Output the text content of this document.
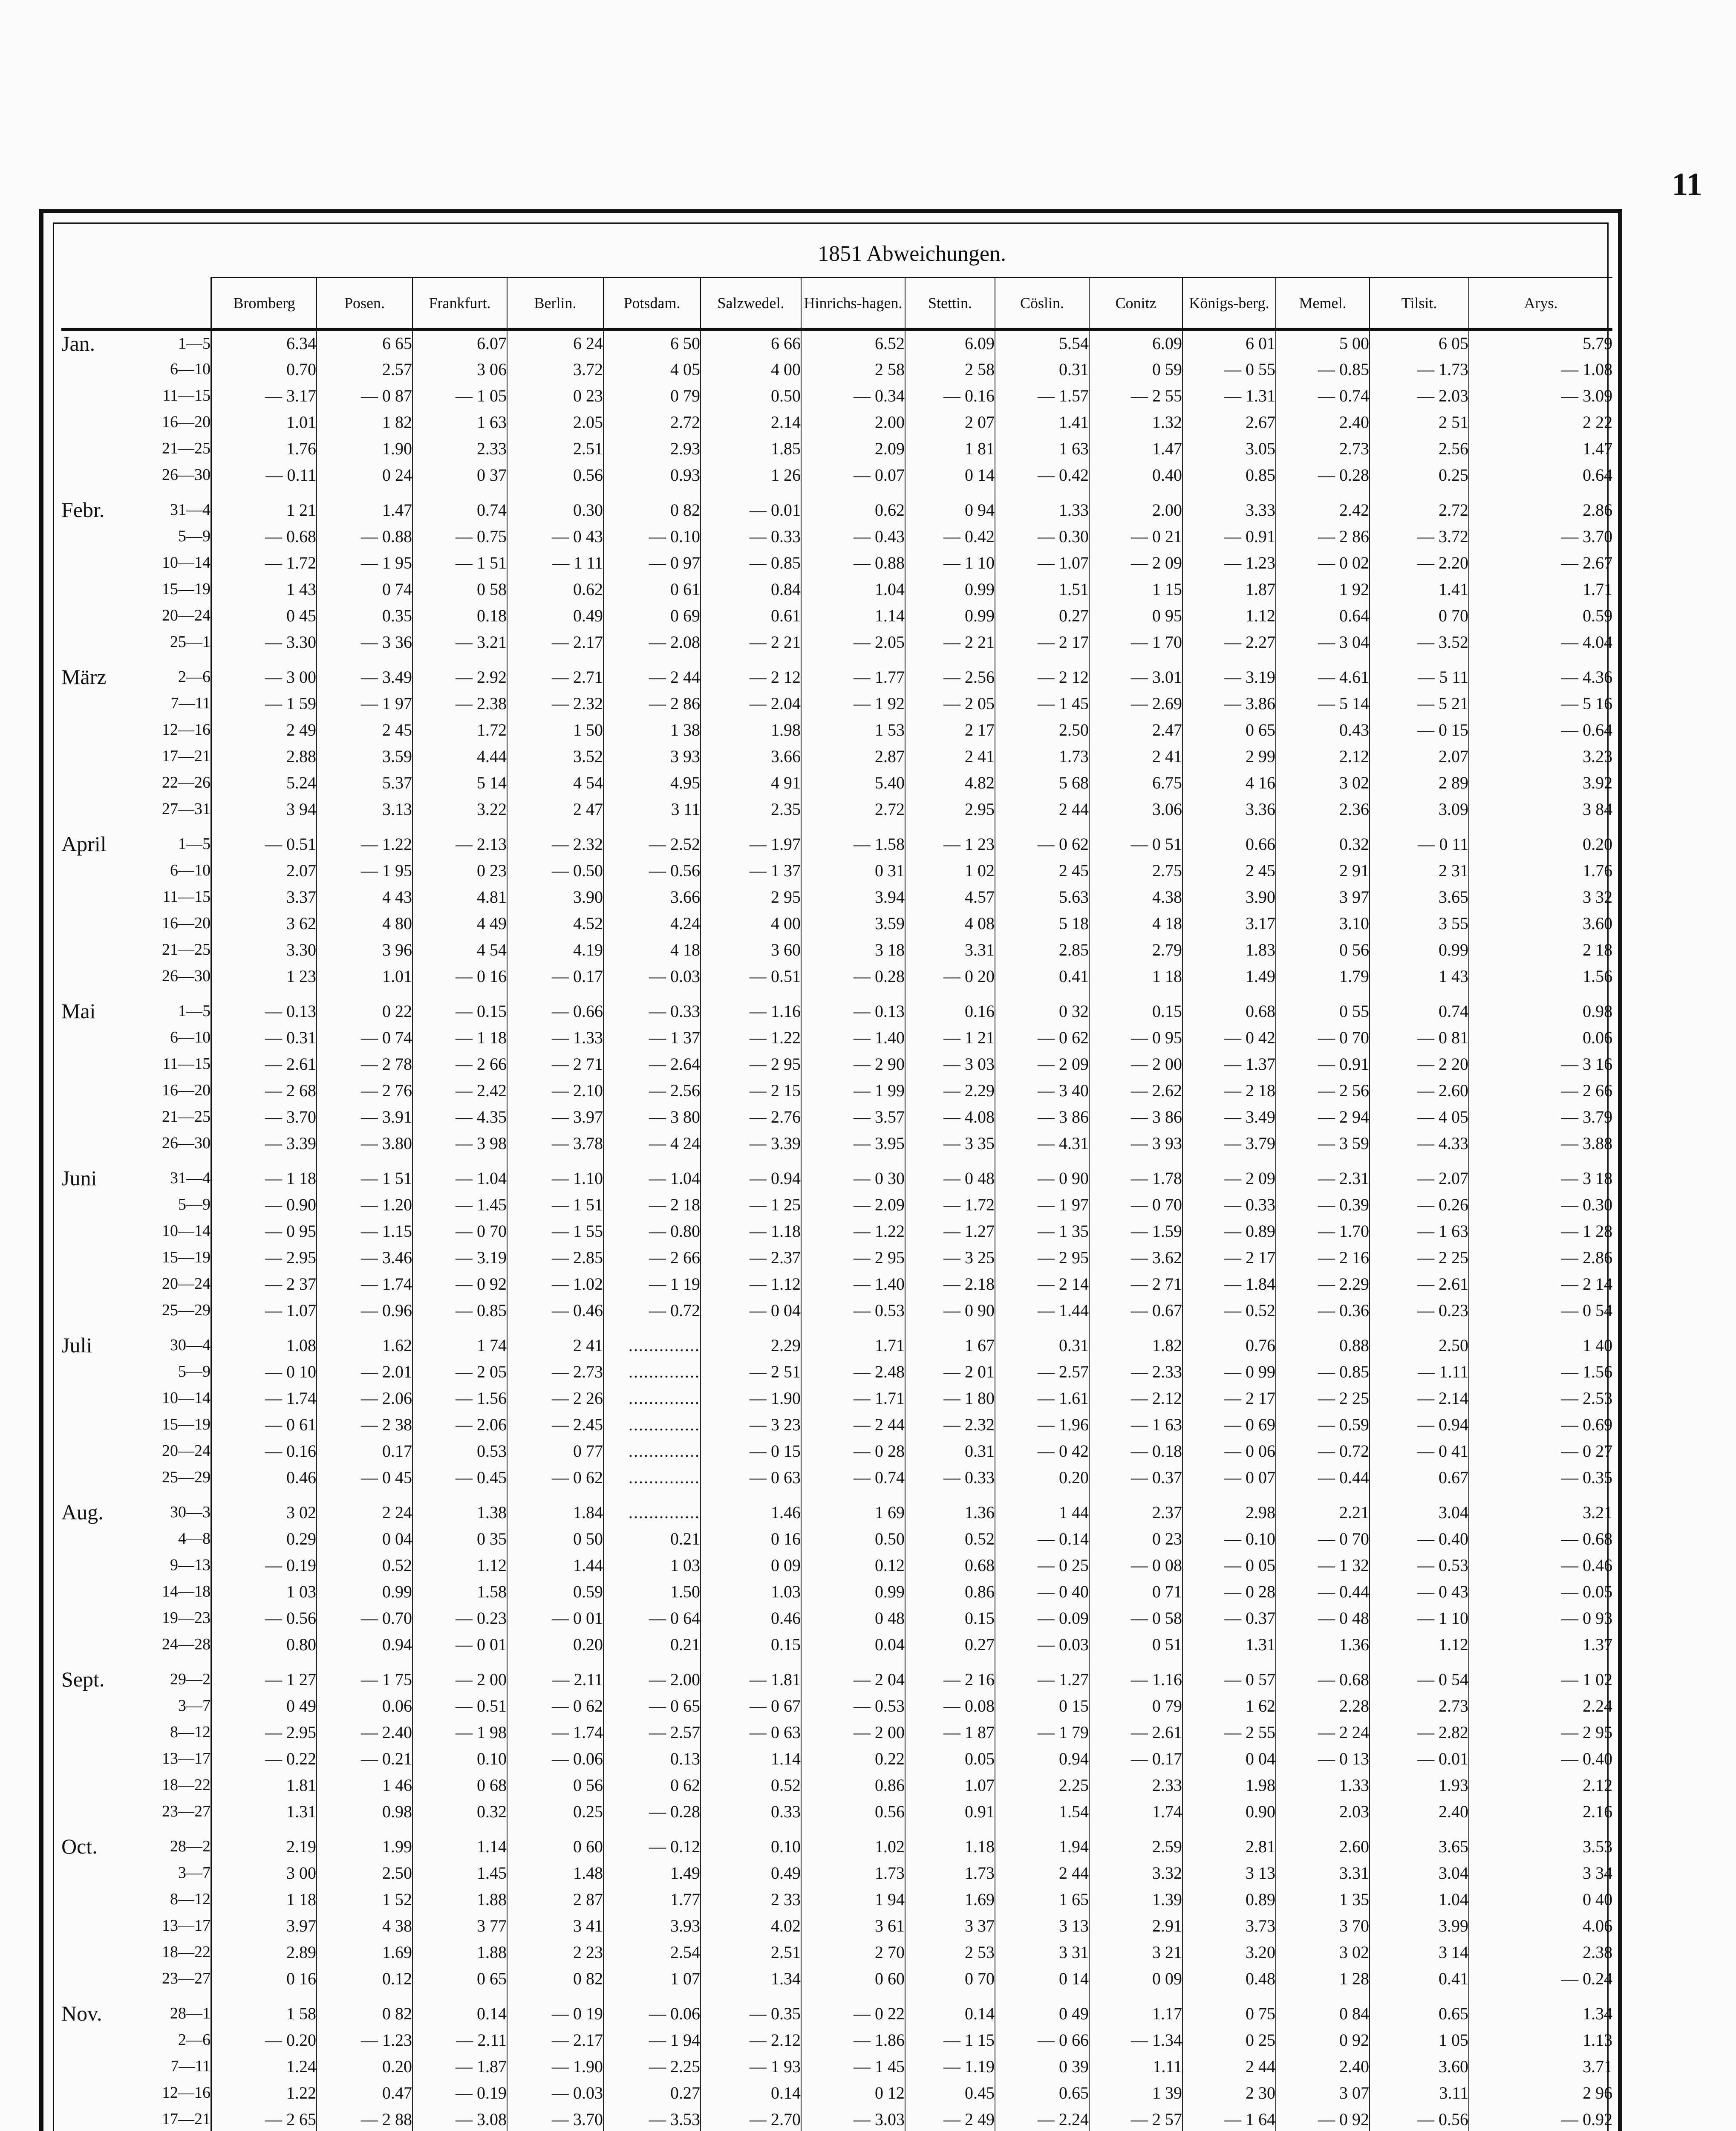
11
		1851 Abweichungen.													
		Bromberg	Posen.	Frankfurt.	Berlin.	Potsdam.	Salzwedel.	Hinrichs-hagen.	Stettin.	Cöslin.	Conitz	Königs-berg.	Memel.	Tilsit.	Arys.
Jan.	1—5	6.34	6 65	6.07	6 24	6 50	6 66	6.52	6.09	5.54	6.09	6 01	5 00	6 05	5.79
	6—10	0.70	2.57	3 06	3.72	4 05	4 00	2 58	2 58	0.31	0 59	— 0 55	— 0.85	— 1.73	— 1.08
	11—15	— 3.17	— 0 87	— 1 05	0 23	0 79	0.50	— 0.34	— 0.16	— 1.57	— 2 55	— 1.31	— 0.74	— 2.03	— 3.09
	16—20	1.01	1 82	1 63	2.05	2.72	2.14	2.00	2 07	1.41	1.32	2.67	2.40	2 51	2 22
	21—25	1.76	1.90	2.33	2.51	2.93	1.85	2.09	1 81	1 63	1.47	3.05	2.73	2.56	1.47
	26—30	— 0.11	0 24	0 37	0.56	0.93	1 26	— 0.07	0 14	— 0.42	0.40	0.85	— 0.28	0.25	0.64

Febr.	31—4	1 21	1.47	0.74	0.30	0 82	— 0.01	0.62	0 94	1.33	2.00	3.33	2.42	2.72	2.86
	5—9	— 0.68	— 0.88	— 0.75	— 0 43	— 0.10	— 0.33	— 0.43	— 0.42	— 0.30	— 0 21	— 0.91	— 2 86	— 3.72	— 3.70
	10—14	— 1.72	— 1 95	— 1 51	— 1 11	— 0 97	— 0.85	— 0.88	— 1 10	— 1.07	— 2 09	— 1.23	— 0 02	— 2.20	— 2.67
	15—19	1 43	0 74	0 58	0.62	0 61	0.84	1.04	0.99	1.51	1 15	1.87	1 92	1.41	1.71
	20—24	0 45	0.35	0.18	0.49	0 69	0.61	1.14	0.99	0.27	0 95	1.12	0.64	0 70	0.59
	25—1	— 3.30	— 3 36	— 3.21	— 2.17	— 2.08	— 2 21	— 2.05	— 2 21	— 2 17	— 1 70	— 2.27	— 3 04	— 3.52	— 4.04

März	2—6	— 3 00	— 3.49	— 2.92	— 2.71	— 2 44	— 2 12	— 1.77	— 2.56	— 2 12	— 3.01	— 3.19	— 4.61	— 5 11	— 4.36
	7—11	— 1 59	— 1 97	— 2.38	— 2.32	— 2 86	— 2.04	— 1 92	— 2 05	— 1 45	— 2.69	— 3.86	— 5 14	— 5 21	— 5 16
	12—16	2 49	2 45	1.72	1 50	1 38	1.98	1 53	2 17	2.50	2.47	0 65	0.43	— 0 15	— 0.64
	17—21	2.88	3.59	4.44	3.52	3 93	3.66	2.87	2 41	1.73	2 41	2 99	2.12	2.07	3.23
	22—26	5.24	5.37	5 14	4 54	4.95	4 91	5.40	4.82	5 68	6.75	4 16	3 02	2 89	3.92
	27—31	3 94	3.13	3.22	2 47	3 11	2.35	2.72	2.95	2 44	3.06	3.36	2.36	3.09	3 84

April	1—5	— 0.51	— 1.22	— 2.13	— 2.32	— 2.52	— 1.97	— 1.58	— 1 23	— 0 62	— 0 51	0.66	0.32	— 0 11	0.20
	6—10	2.07	— 1 95	0 23	— 0.50	— 0.56	— 1 37	0 31	1 02	2 45	2.75	2 45	2 91	2 31	1.76
	11—15	3.37	4 43	4.81	3.90	3.66	2 95	3.94	4.57	5.63	4.38	3.90	3 97	3.65	3 32
	16—20	3 62	4 80	4 49	4.52	4.24	4 00	3.59	4 08	5 18	4 18	3.17	3.10	3 55	3.60
	21—25	3.30	3 96	4 54	4.19	4 18	3 60	3 18	3.31	2.85	2.79	1.83	0 56	0.99	2 18
	26—30	1 23	1.01	— 0 16	— 0.17	— 0.03	— 0.51	— 0.28	— 0 20	0.41	1 18	1.49	1.79	1 43	1.56

Mai	1—5	— 0.13	0 22	— 0.15	— 0.66	— 0.33	— 1.16	— 0.13	0.16	0 32	0.15	0.68	0 55	0.74	0.98
	6—10	— 0.31	— 0 74	— 1 18	— 1.33	— 1 37	— 1.22	— 1.40	— 1 21	— 0 62	— 0 95	— 0 42	— 0 70	— 0 81	0.06
	11—15	— 2.61	— 2 78	— 2 66	— 2 71	— 2.64	— 2 95	— 2 90	— 3 03	— 2 09	— 2 00	— 1.37	— 0.91	— 2 20	— 3 16
	16—20	— 2 68	— 2 76	— 2.42	— 2.10	— 2.56	— 2 15	— 1 99	— 2.29	— 3 40	— 2.62	— 2 18	— 2 56	— 2.60	— 2 66
	21—25	— 3.70	— 3.91	— 4.35	— 3.97	— 3 80	— 2.76	— 3.57	— 4.08	— 3 86	— 3 86	— 3.49	— 2 94	— 4 05	— 3.79
	26—30	— 3.39	— 3.80	— 3 98	— 3.78	— 4 24	— 3.39	— 3.95	— 3 35	— 4.31	— 3 93	— 3.79	— 3 59	— 4.33	— 3.88

Juni	31—4	— 1 18	— 1 51	— 1.04	— 1.10	— 1.04	— 0.94	— 0 30	— 0 48	— 0 90	— 1.78	— 2 09	— 2.31	— 2.07	— 3 18
	5—9	— 0.90	— 1.20	— 1.45	— 1 51	— 2 18	— 1 25	— 2.09	— 1.72	— 1 97	— 0 70	— 0.33	— 0.39	— 0.26	— 0.30
	10—14	— 0 95	— 1.15	— 0 70	— 1 55	— 0.80	— 1.18	— 1.22	— 1.27	— 1 35	— 1.59	— 0.89	— 1.70	— 1 63	— 1 28
	15—19	— 2.95	— 3.46	— 3.19	— 2.85	— 2 66	— 2.37	— 2 95	— 3 25	— 2 95	— 3.62	— 2 17	— 2 16	— 2 25	— 2.86
	20—24	— 2 37	— 1.74	— 0 92	— 1.02	— 1 19	— 1.12	— 1.40	— 2.18	— 2 14	— 2 71	— 1.84	— 2.29	— 2.61	— 2 14
	25—29	— 1.07	— 0.96	— 0.85	— 0.46	— 0.72	— 0 04	— 0.53	— 0 90	— 1.44	— 0.67	— 0.52	— 0.36	— 0.23	— 0 54

Juli	30—4	1.08	1.62	1 74	2 41	..............	2.29	1.71	1 67	0.31	1.82	0.76	0.88	2.50	1 40
	5—9	— 0 10	— 2.01	— 2 05	— 2.73	..............	— 2 51	— 2.48	— 2 01	— 2.57	— 2.33	— 0 99	— 0.85	— 1.11	— 1.56
	10—14	— 1.74	— 2.06	— 1.56	— 2 26	..............	— 1.90	— 1.71	— 1 80	— 1.61	— 2.12	— 2 17	— 2 25	— 2.14	— 2.53
	15—19	— 0 61	— 2 38	— 2.06	— 2.45	..............	— 3 23	— 2 44	— 2.32	— 1.96	— 1 63	— 0 69	— 0.59	— 0.94	— 0.69
	20—24	— 0.16	0.17	0.53	0 77	..............	— 0 15	— 0 28	0.31	— 0 42	— 0.18	— 0 06	— 0.72	— 0 41	— 0 27
	25—29	0.46	— 0 45	— 0.45	— 0 62	..............	— 0 63	— 0.74	— 0.33	0.20	— 0.37	— 0 07	— 0.44	0.67	— 0.35

Aug.	30—3	3 02	2 24	1.38	1.84	..............	1.46	1 69	1.36	1 44	2.37	2.98	2.21	3.04	3.21
	4—8	0.29	0 04	0 35	0 50	0.21	0 16	0.50	0.52	— 0.14	0 23	— 0.10	— 0 70	— 0.40	— 0.68
	9—13	— 0.19	0.52	1.12	1.44	1 03	0 09	0.12	0.68	— 0 25	— 0 08	— 0 05	— 1 32	— 0.53	— 0.46
	14—18	1 03	0.99	1.58	0.59	1.50	1.03	0.99	0.86	— 0 40	0 71	— 0 28	— 0.44	— 0 43	— 0.05
	19—23	— 0.56	— 0.70	— 0.23	— 0 01	— 0 64	0.46	0 48	0.15	— 0.09	— 0 58	— 0.37	— 0 48	— 1 10	— 0 93
	24—28	0.80	0.94	— 0 01	0.20	0.21	0.15	0.04	0.27	— 0.03	0 51	1.31	1.36	1.12	1.37

Sept.	29—2	— 1 27	— 1 75	— 2 00	— 2.11	— 2.00	— 1.81	— 2 04	— 2 16	— 1.27	— 1.16	— 0 57	— 0.68	— 0 54	— 1 02
	3—7	0 49	0.06	— 0.51	— 0 62	— 0 65	— 0 67	— 0.53	— 0.08	0 15	0 79	1 62	2.28	2.73	2.24
	8—12	— 2.95	— 2.40	— 1 98	— 1.74	— 2.57	— 0 63	— 2 00	— 1 87	— 1 79	— 2.61	— 2 55	— 2 24	— 2.82	— 2 95
	13—17	— 0.22	— 0.21	0.10	— 0.06	0.13	1.14	0.22	0.05	0.94	— 0.17	0 04	— 0 13	— 0.01	— 0.40
	18—22	1.81	1 46	0 68	0 56	0 62	0.52	0.86	1.07	2.25	2.33	1.98	1.33	1.93	2.12
	23—27	1.31	0.98	0.32	0.25	— 0.28	0.33	0.56	0.91	1.54	1.74	0.90	2.03	2.40	2.16

Oct.	28—2	2.19	1.99	1.14	0 60	— 0.12	0.10	1.02	1.18	1.94	2.59	2.81	2.60	3.65	3.53
	3—7	3 00	2.50	1.45	1.48	1.49	0.49	1.73	1.73	2 44	3.32	3 13	3.31	3.04	3 34
	8—12	1 18	1 52	1.88	2 87	1.77	2 33	1 94	1.69	1 65	1.39	0.89	1 35	1.04	0 40
	13—17	3.97	4 38	3 77	3 41	3.93	4.02	3 61	3 37	3 13	2.91	3.73	3 70	3.99	4.06
	18—22	2.89	1.69	1.88	2 23	2.54	2.51	2 70	2 53	3 31	3 21	3.20	3 02	3 14	2.38
	23—27	0 16	0.12	0 65	0 82	1 07	1.34	0 60	0 70	0 14	0 09	0.48	1 28	0.41	— 0.24

Nov.	28—1	1 58	0 82	0.14	— 0 19	— 0.06	— 0.35	— 0 22	0.14	0 49	1.17	0 75	0 84	0.65	1.34
	2—6	— 0.20	— 1.23	— 2.11	— 2.17	— 1 94	— 2.12	— 1.86	— 1 15	— 0 66	— 1.34	0 25	0 92	1 05	1.13
	7—11	1.24	0.20	— 1.87	— 1.90	— 2.25	— 1 93	— 1 45	— 1.19	0 39	1.11	2 44	2.40	3.60	3.71
	12—16	1.22	0.47	— 0.19	— 0.03	0.27	0.14	0 12	0.45	0.65	1 39	2 30	3 07	3.11	2 96
	17—21	— 2 65	— 2 88	— 3.08	— 3.70	— 3.53	— 2.70	— 3.03	— 2 49	— 2.24	— 2 57	— 1 64	— 0 92	— 0.56	— 0.92
